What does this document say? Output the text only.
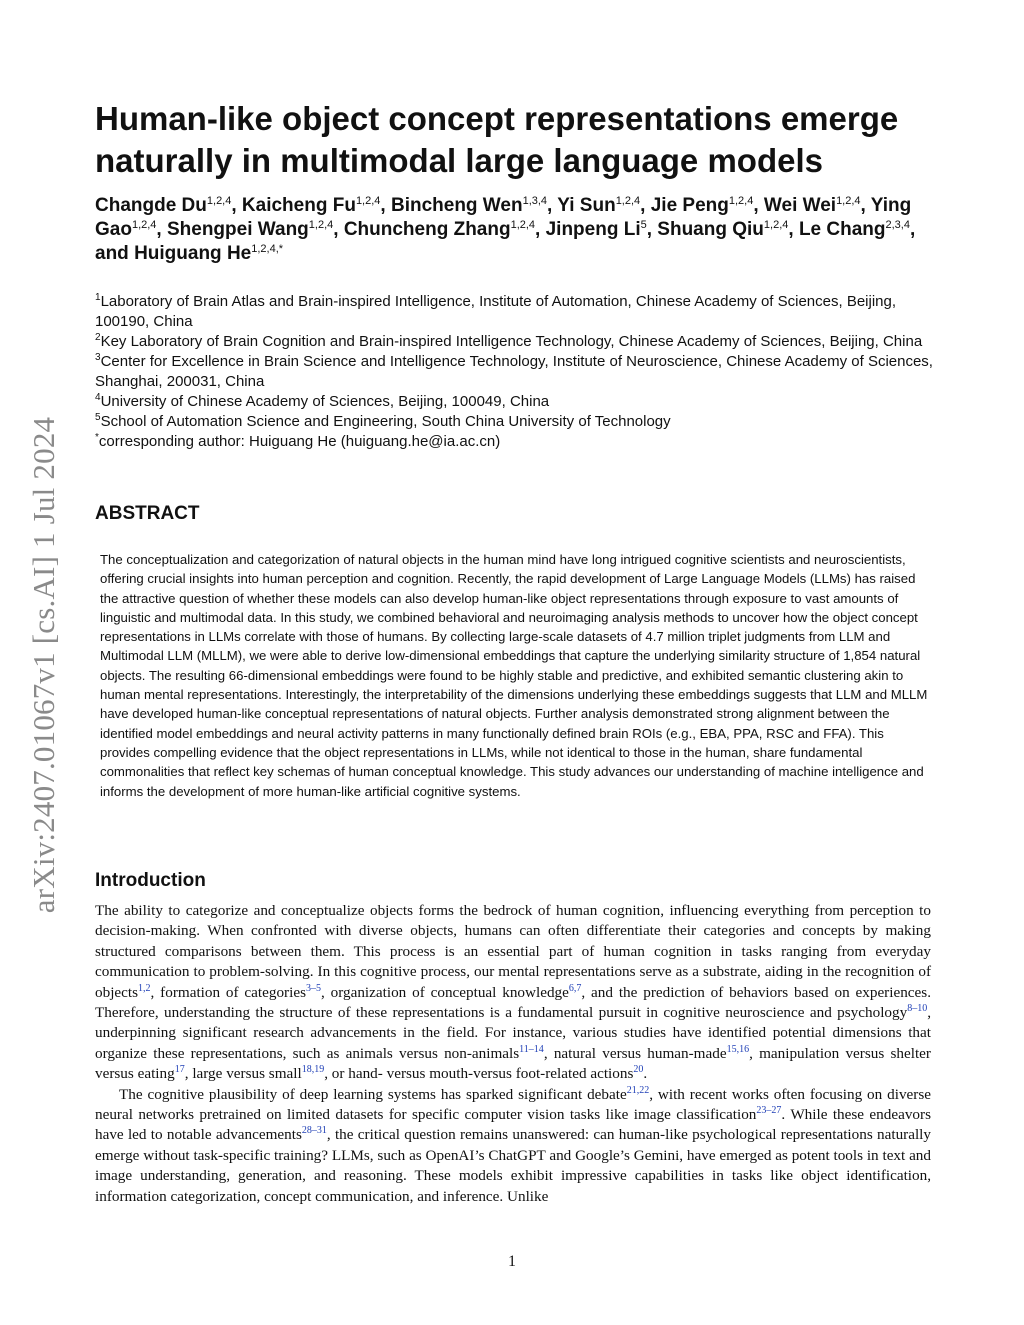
arXiv:2407.01067v1 [cs.AI] 1 Jul 2024
Human-like object concept representations emerge naturally in multimodal large language models
Changde Du$^{1,2,4}$, Kaicheng Fu$^{1,2,4}$, Bincheng Wen$^{1,3,4}$, Yi Sun$^{1,2,4}$, Jie Peng$^{1,2,4}$, Wei Wei$^{1,2,4}$, Ying Gao$^{1,2,4}$, Shengpei Wang$^{1,2,4}$, Chuncheng Zhang$^{1,2,4}$, Jinpeng Li$^5$, Shuang Qiu$^{1,2,4}$, Le Chang$^{2,3,4}$, and Huiguang $He^{1,2,4,*}$
$^1$Laboratory of Brain Atlas and Brain-inspired Intelligence, Institute of Automation, Chinese Academy of Sciences, Beijing, 100190, China
$^2$Key Laboratory of Brain Cognition and Brain-inspired Intelligence Technology, Chinese Academy of Sciences, Beijing, China
$^3$Center for Excellence in Brain Science and Intelligence Technology, Institute of Neuroscience, Chinese Academy of Sciences, Shanghai, 200031, China
$^4$University of Chinese Academy of Sciences, Beijing, 100049, China
$^5$School of Automation Science and Engineering, South China University of Technology
*corresponding author: Huiguang He (huiguang.he@ia.ac.cn)
ABSTRACT

The conceptualization and categorization of natural objects in the human mind have long intrigued cognitive scientists and neuroscientists, offering crucial insights into human perception and cognition. Recently, the rapid development of Large Language Models (LLMs) has raised the attractive question of whether these models can also develop human-like object representations through exposure to vast amounts of linguistic and multimodal data. In this study, we combined behavioral and neuroimaging analysis methods to uncover how the object concept representations in LLMs correlate with those of humans. By collecting large-scale datasets of 4.7 million triplet judgments from LLM and Multimodal LLM (MLLM), we were able to derive low-dimensional embeddings that capture the underlying similarity structure of 1,854 natural objects. The resulting 66-dimensional embeddings were found to be highly stable and predictive, and exhibited semantic clustering akin to human mental representations. Interestingly, the interpretability of the dimensions underlying these embeddings suggests that LLM and MLLM have developed human-like conceptual representations of natural objects. Further analysis demonstrated strong alignment between the identified model embeddings and neural activity patterns in many functionally defined brain ROIs (e.g., EBA, PPA, RSC and FFA). This provides compelling evidence that the object representations in LLMs, while not identical to those in the human, share fundamental commonalities that reflect key schemas of human conceptual knowledge. This study advances our understanding of machine intelligence and informs the development of more human-like artificial cognitive systems.

Introduction

The ability to categorize and conceptualize objects forms the bedrock of human cognition, influencing everything from perception to decision-making. When confronted with diverse objects, humans can often differentiate their categories and concepts by making structured comparisons between them. This process is an essential part of human cognition in tasks ranging from everyday communication to problem-solving. In this cognitive process, our mental representations serve as a substrate, aiding in the recognition of objects$^{1,2}$, formation of categories$^{3-5}$, organization of conceptual knowledge$^{6,7}$, and the prediction of behaviors based on experiences. Therefore, understanding the structure of these representations is a fundamental pursuit in cognitive neuroscience and psychology$^{8-10}$, underpinning significant research advancements in the field. For instance, various studies have identified potential dimensions that organize these representations, such as animals versus non-animals$^{11-14}$, natural versus human-made$^{15,16}$, manipulation versus shelter versus eating$^{17}$, large versus small$^{18,19}$, or hand- versus mouth-versus foot-related actions$^{20}$.

The cognitive plausibility of deep learning systems has sparked significant debate$^{21,22}$, with recent works often focusing on diverse neural networks pretrained on limited datasets for specific computer vision tasks like image classification$^{23-27}$. While these endeavors have led to notable advancements$^{28-31}$, the critical question remains unanswered: can human-like psychological representations naturally emerge without task-specific training? LLMs, such as OpenAI’s ChatGPT and Google’s Gemini, have emerged as potent tools in text and image understanding, generation, and reasoning. These models exhibit impressive capabilities in tasks like object identification, information categorization, concept communication, and inference. Unlike

1
